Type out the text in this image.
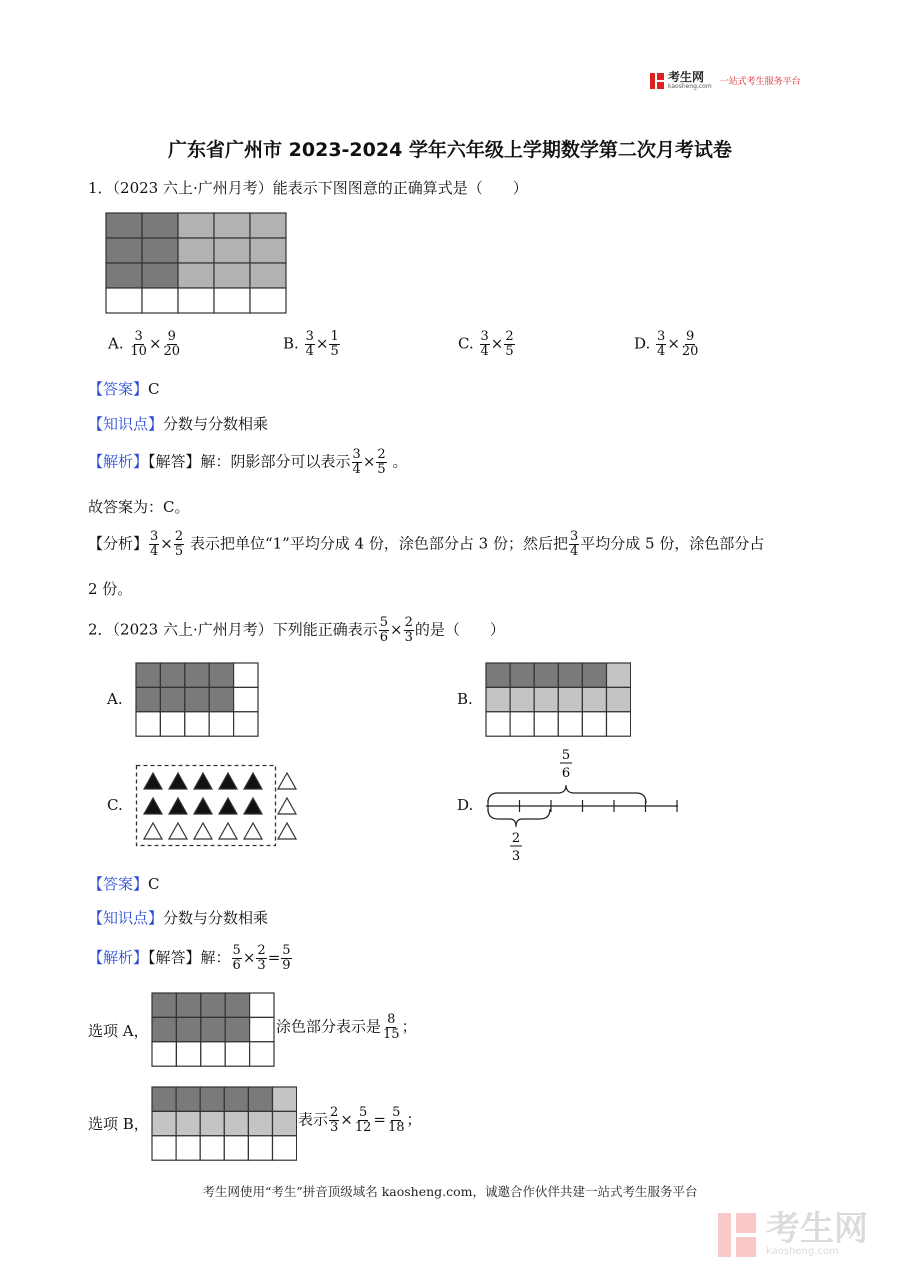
考生网
kaosheng.com 一站式考生服务平台
广东省广州市 2023-2024 学年六年级上学期数学第二次月考试卷
1．（2023 六上·广州月考）能表示下图图意的正确算式是（　　）
A. $\frac{3}{10} \times \frac{9}{20}$	B. $\frac{3}{4} \times \frac{1}{5}$	C. $\frac{3}{4} \times \frac{2}{5}$	D. $\frac{3}{4} \times \frac{9}{20}$
【答案】C
【知识点】分数与分数相乘
【解析】【解答】解：阴影部分可以表示 $\frac{3}{4} \times \frac{2}{5}$ 。
故答案为：C。
【分析】 $\frac{3}{4} \times \frac{2}{5}$ 表示把单位“1”平均分成 4 份，涂色部分占 3 份；然后把 $\frac{3}{4}$ 平均分成 5 份，涂色部分占
2 份。
2．（2023 六上·广州月考）下列能正确表示 $\frac{5}{6} \times \frac{2}{3}$ 的是（　　）
A.	B.
C.	D.
5
6
2
3
【答案】C
【知识点】分数与分数相乘
【解析】【解答】解： $\frac{5}{6} \times \frac{2}{3} = \frac{5}{9}$
选项 A，	涂色部分表示是 $\frac{8}{15}$ ；
选项 B，	表示 $\frac{2}{3} \times \frac{5}{12} = \frac{5}{18}$ ；
考生网使用“考生”拼音顶级域名 kaosheng.com，诚邀合作伙伴共建一站式考生服务平台
考生网
kaosheng.com
